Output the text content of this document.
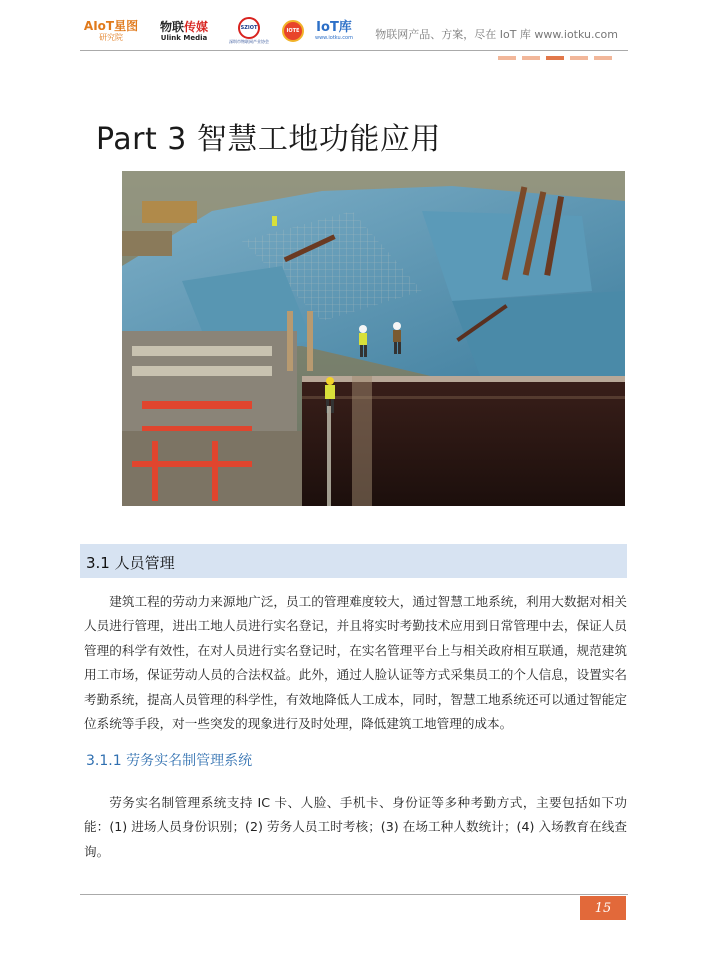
AIoT星图
研究院
物联传媒
Ulink Media
SZIOT
深圳市物联网产业协会
IOTE IoT库
www.iotku.com 物联网产品、方案，尽在 IoT 库 www.iotku.com
Part 3 智慧工地功能应用
3.1 人员管理

建筑工程的劳动力来源地广泛，员工的管理难度较大，通过智慧工地系统，利用大数据对相关人员进行管理，进出工地人员进行实名登记，并且将实时考勤技术应用到日常管理中去，保证人员管理的科学有效性，在对人员进行实名登记时，在实名管理平台上与相关政府相互联通，规范建筑用工市场，保证劳动人员的合法权益。此外，通过人脸认证等方式采集员工的个人信息，设置实名考勤系统，提高人员管理的科学性，有效地降低人工成本，同时，智慧工地系统还可以通过智能定位系统等手段，对一些突发的现象进行及时处理，降低建筑工地管理的成本。

3.1.1 劳务实名制管理系统

劳务实名制管理系统支持 IC 卡、人脸、手机卡、身份证等多种考勤方式，主要包括如下功能：(1) 进场人员身份识别；(2) 劳务人员工时考核；(3) 在场工种人数统计；(4) 入场教育在线查询。

15
